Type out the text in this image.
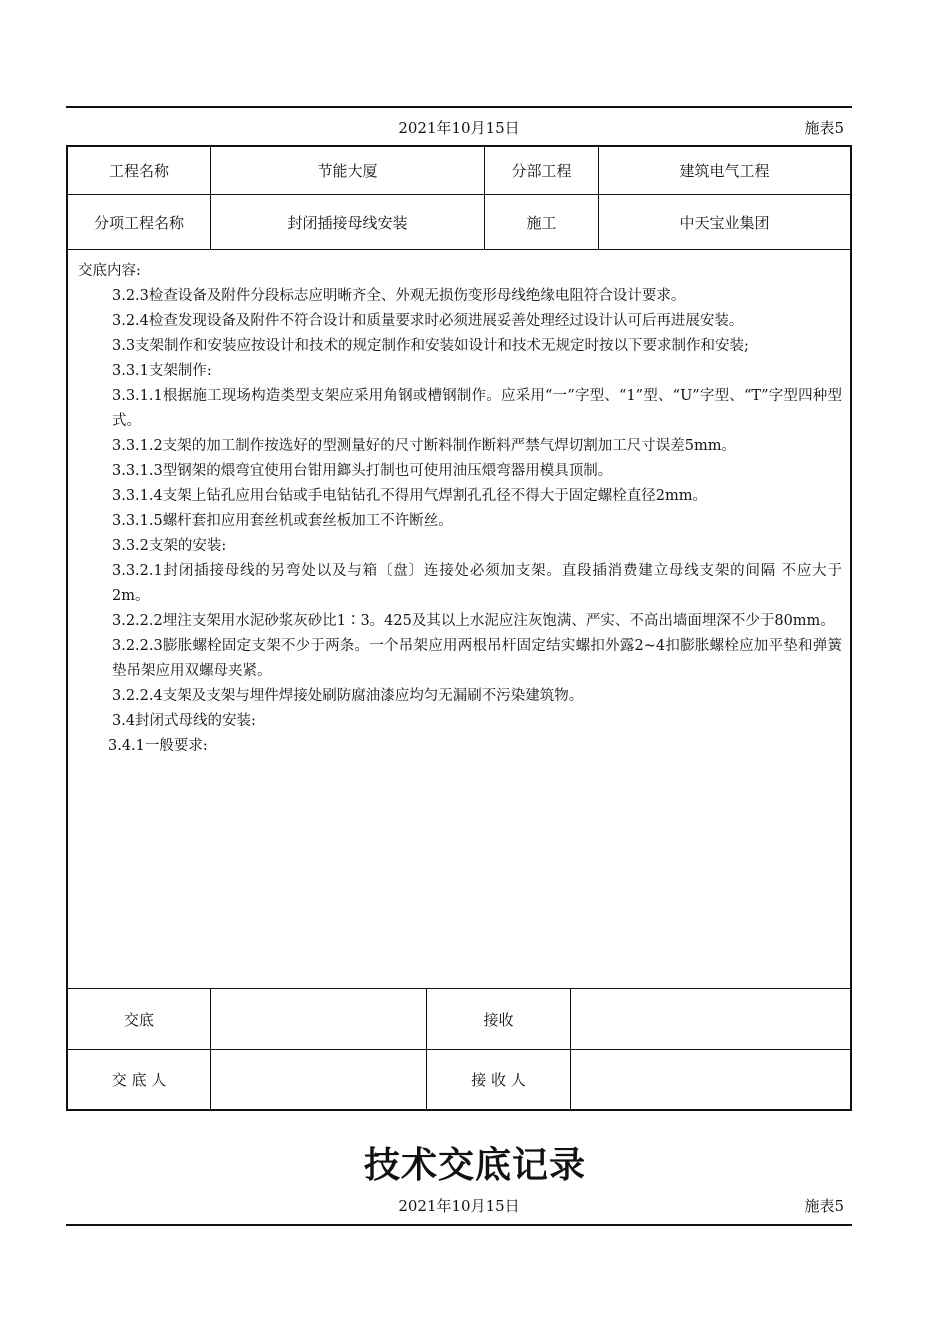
2021年10月15日	施表5
工程名称	节能大厦	分部工程	建筑电气工程
分项工程名称	封闭插接母线安装	施工	中天宝业集团
交底内容:

3.2.3检查设备及附件分段标志应明晰齐全、外观无损伤变形母线绝缘电阻符合设计要求。

3.2.4检查发现设备及附件不符合设计和质量要求时必须进展妥善处理经过设计认可后再进展安装。

3.3支架制作和安装应按设计和技术的规定制作和安装如设计和技术无规定时按以下要求制作和安装;

3.3.1支架制作:

3.3.1.1根据施工现场构造类型支架应采用角钢或槽钢制作。应采用“一”字型、“1”型、“U”字型、“T”字型四种型式。

3.3.1.2支架的加工制作按选好的型测量好的尺寸断料制作断料严禁气焊切割加工尺寸误差5mm。

3.3.1.3型钢架的煨弯宜使用台钳用鎯头打制也可使用油压煨弯器用模具顶制。

3.3.1.4支架上钻孔应用台钻或手电钻钻孔不得用气焊割孔孔径不得大于固定螺栓直径2mm。

3.3.1.5螺杆套扣应用套丝机或套丝板加工不许断丝。

3.3.2支架的安装:

3.3.2.1封闭插接母线的另弯处以及与箱〔盘〕连接处必须加支架。直段插消费建立母线支架的间隔 不应大于2m。

3.2.2.2埋注支架用水泥砂浆灰砂比1∶3。425及其以上水泥应注灰饱满、严实、不高出墙面埋深不少于80mm。

3.2.2.3膨胀螺栓固定支架不少于两条。一个吊架应用两根吊杆固定结实螺扣外露2~4扣膨胀螺栓应加平垫和弹簧垫吊架应用双螺母夹紧。

3.2.2.4支架及支架与埋件焊接处刷防腐油漆应均匀无漏刷不污染建筑物。

3.4封闭式母线的安装:

3.4.1一般要求:

交底	接收
交 底 人	接 收 人
技术交底记录
2021年10月15日	施表5
